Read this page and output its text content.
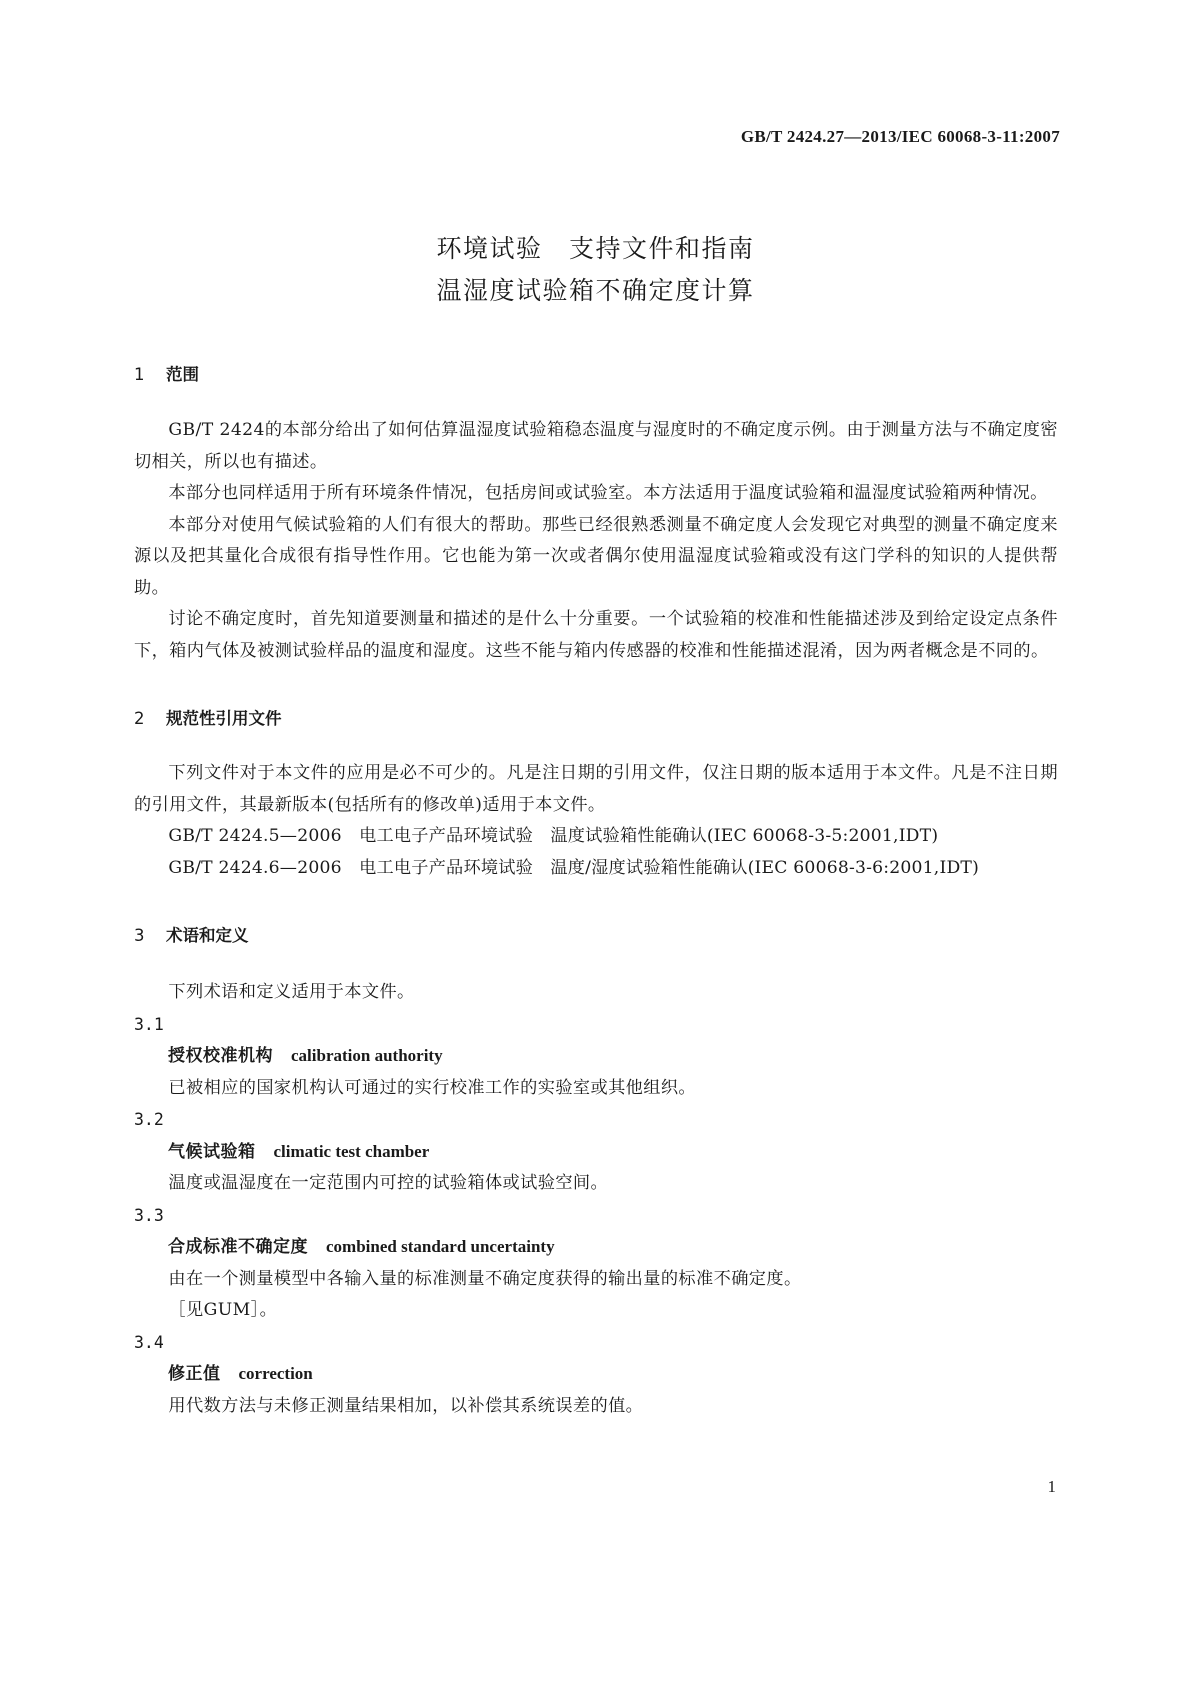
GB/T 2424.27—2013/IEC 60068-3-11:2007
环境试验　支持文件和指南
温湿度试验箱不确定度计算
1 范围
GB/T 2424的本部分给出了如何估算温湿度试验箱稳态温度与湿度时的不确定度示例。由于测量方法与不确定度密切相关，所以也有描述。
本部分也同样适用于所有环境条件情况，包括房间或试验室。本方法适用于温度试验箱和温湿度试验箱两种情况。
本部分对使用气候试验箱的人们有很大的帮助。那些已经很熟悉测量不确定度人会发现它对典型的测量不确定度来源以及把其量化合成很有指导性作用。它也能为第一次或者偶尔使用温湿度试验箱或没有这门学科的知识的人提供帮助。
讨论不确定度时，首先知道要测量和描述的是什么十分重要。一个试验箱的校准和性能描述涉及到给定设定点条件下，箱内气体及被测试验样品的温度和湿度。这些不能与箱内传感器的校准和性能描述混淆，因为两者概念是不同的。
2 规范性引用文件
下列文件对于本文件的应用是必不可少的。凡是注日期的引用文件，仅注日期的版本适用于本文件。凡是不注日期的引用文件，其最新版本(包括所有的修改单)适用于本文件。
GB/T 2424.5—2006　电工电子产品环境试验　温度试验箱性能确认(IEC 60068-3-5:2001,IDT)
GB/T 2424.6—2006　电工电子产品环境试验　温度/湿度试验箱性能确认(IEC 60068-3-6:2001,IDT)
3 术语和定义
下列术语和定义适用于本文件。
3.1
授权校准机构 calibration authority
已被相应的国家机构认可通过的实行校准工作的实验室或其他组织。
3.2
气候试验箱 climatic test chamber
温度或温湿度在一定范围内可控的试验箱体或试验空间。
3.3
合成标准不确定度 combined standard uncertainty
由在一个测量模型中各输入量的标准测量不确定度获得的输出量的标准不确定度。
［见GUM］。
3.4
修正值 correction
用代数方法与未修正测量结果相加，以补偿其系统误差的值。
1
